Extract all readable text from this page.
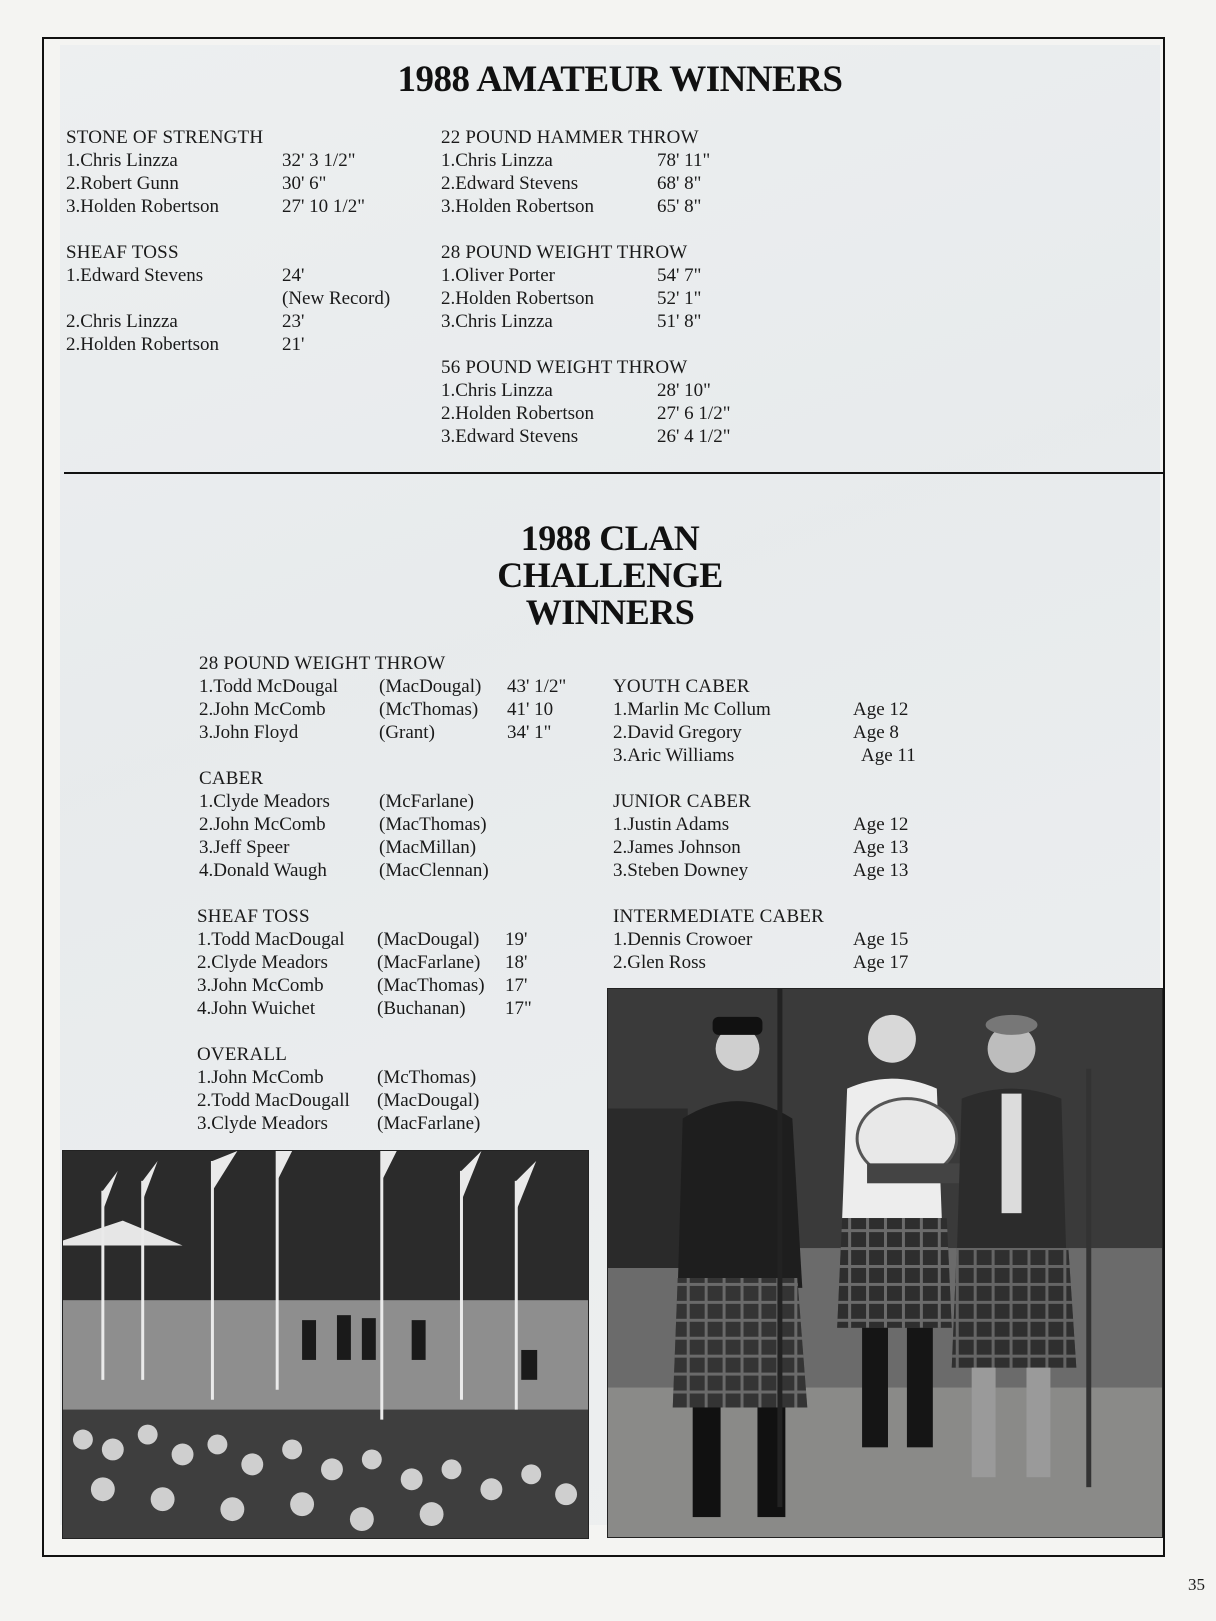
1988 AMATEUR WINNERS
STONE OF STRENGTH
1.Chris Linzza	32' 3 1/2"
2.Robert Gunn	30' 6"
3.Holden Robertson	27' 10 1/2"
SHEAF TOSS
1.Edward Stevens	24'
(New Record)
2.Chris Linzza	23'
2.Holden Robertson	21'
22 POUND HAMMER THROW
1.Chris Linzza	78' 11"
2.Edward Stevens	68' 8"
3.Holden Robertson	65' 8"
28 POUND WEIGHT THROW
1.Oliver Porter	54' 7"
2.Holden Robertson	52' 1"
3.Chris Linzza	51' 8"
56 POUND WEIGHT THROW
1.Chris Linzza	28' 10"
2.Holden Robertson	27' 6 1/2"
3.Edward Stevens	26' 4 1/2"
1988 CLAN
CHALLENGE
WINNERS
28 POUND WEIGHT THROW
1.Todd McDougal	(MacDougal)	43' 1/2"
2.John McComb	(McThomas)	41' 10
3.John Floyd	(Grant)	34' 1"
CABER
1.Clyde Meadors	(McFarlane)
2.John McComb	(MacThomas)
3.Jeff Speer	(MacMillan)
4.Donald Waugh	(MacClennan)
SHEAF TOSS
1.Todd MacDougal	(MacDougal)	19'
2.Clyde Meadors	(MacFarlane)	18'
3.John McComb	(MacThomas)	17'
4.John Wuichet	(Buchanan)	17"
OVERALL
1.John McComb	(McThomas)
2.Todd MacDougall	(MacDougal)
3.Clyde Meadors	(MacFarlane)
YOUTH CABER
1.Marlin Mc Collum	Age 12
2.David Gregory	Age 8
3.Aric Williams	Age 11
JUNIOR CABER
1.Justin Adams	Age 12
2.James Johnson	Age 13
3.Steben Downey	Age 13
INTERMEDIATE CABER
1.Dennis Crowoer	Age 15
2.Glen Ross	Age 17
35
